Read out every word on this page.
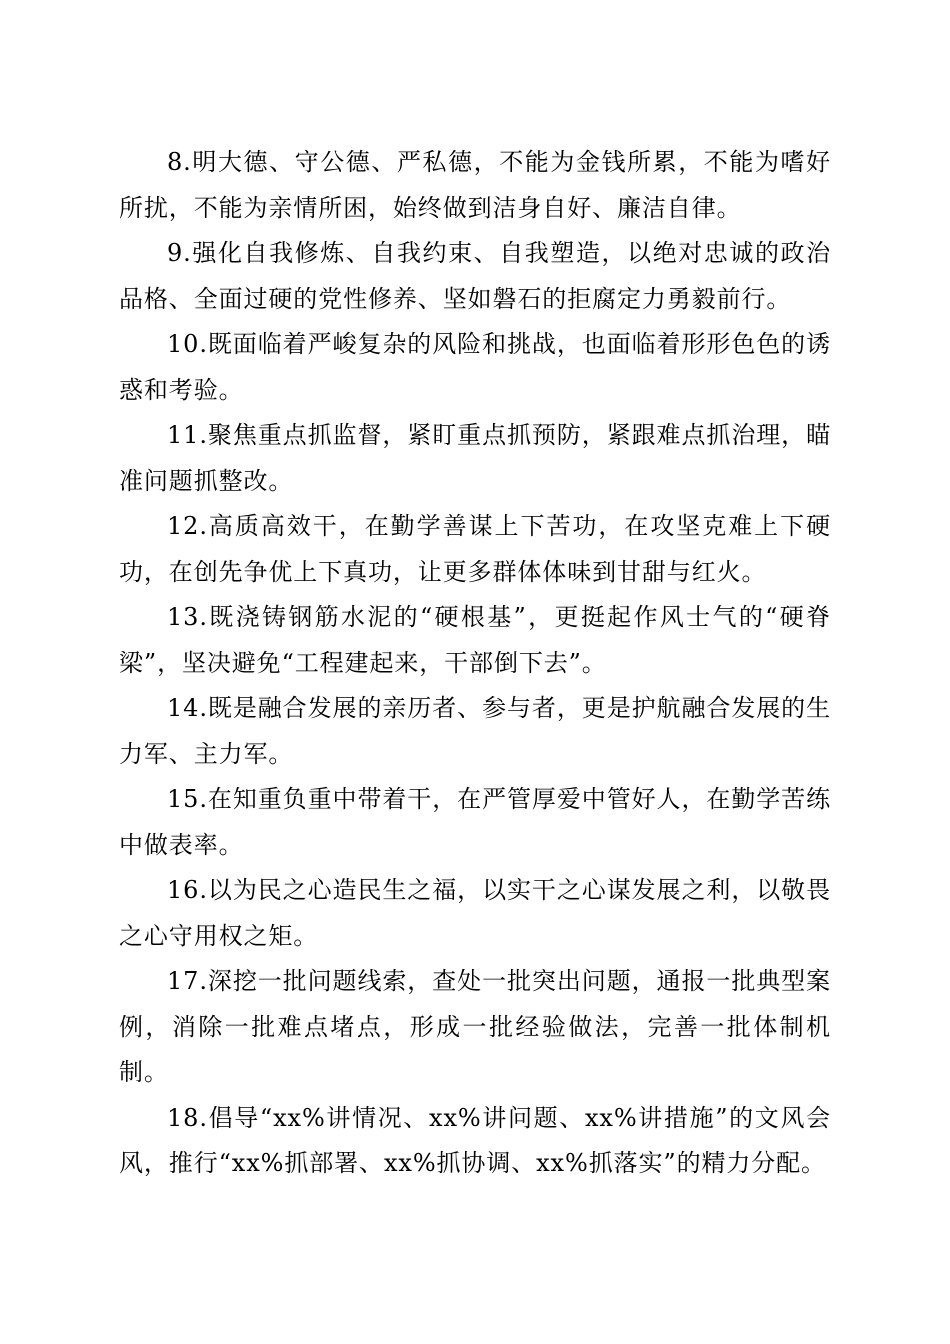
8.明大德、守公德、严私德，不能为金钱所累，不能为嗜好所扰，不能为亲情所困，始终做到洁身自好、廉洁自律。

9.强化自我修炼、自我约束、自我塑造，以绝对忠诚的政治品格、全面过硬的党性修养、坚如磐石的拒腐定力勇毅前行。

10.既面临着严峻复杂的风险和挑战，也面临着形形色色的诱惑和考验。

11.聚焦重点抓监督，紧盯重点抓预防，紧跟难点抓治理，瞄准问题抓整改。

12.高质高效干，在勤学善谋上下苦功，在攻坚克难上下硬功，在创先争优上下真功，让更多群体体味到甘甜与红火。

13.既浇铸钢筋水泥的“硬根基”，更挺起作风士气的“硬脊梁”，坚决避免“工程建起来，干部倒下去”。

14.既是融合发展的亲历者、参与者，更是护航融合发展的生力军、主力军。

15.在知重负重中带着干，在严管厚爱中管好人，在勤学苦练中做表率。

16.以为民之心造民生之福，以实干之心谋发展之利，以敬畏之心守用权之矩。

17.深挖一批问题线索，查处一批突出问题，通报一批典型案例，消除一批难点堵点，形成一批经验做法，完善一批体制机制。

18.倡导“xx%讲情况、xx%讲问题、xx%讲措施”的文风会风，推行“xx%抓部署、xx%抓协调、xx%抓落实”的精力分配。
